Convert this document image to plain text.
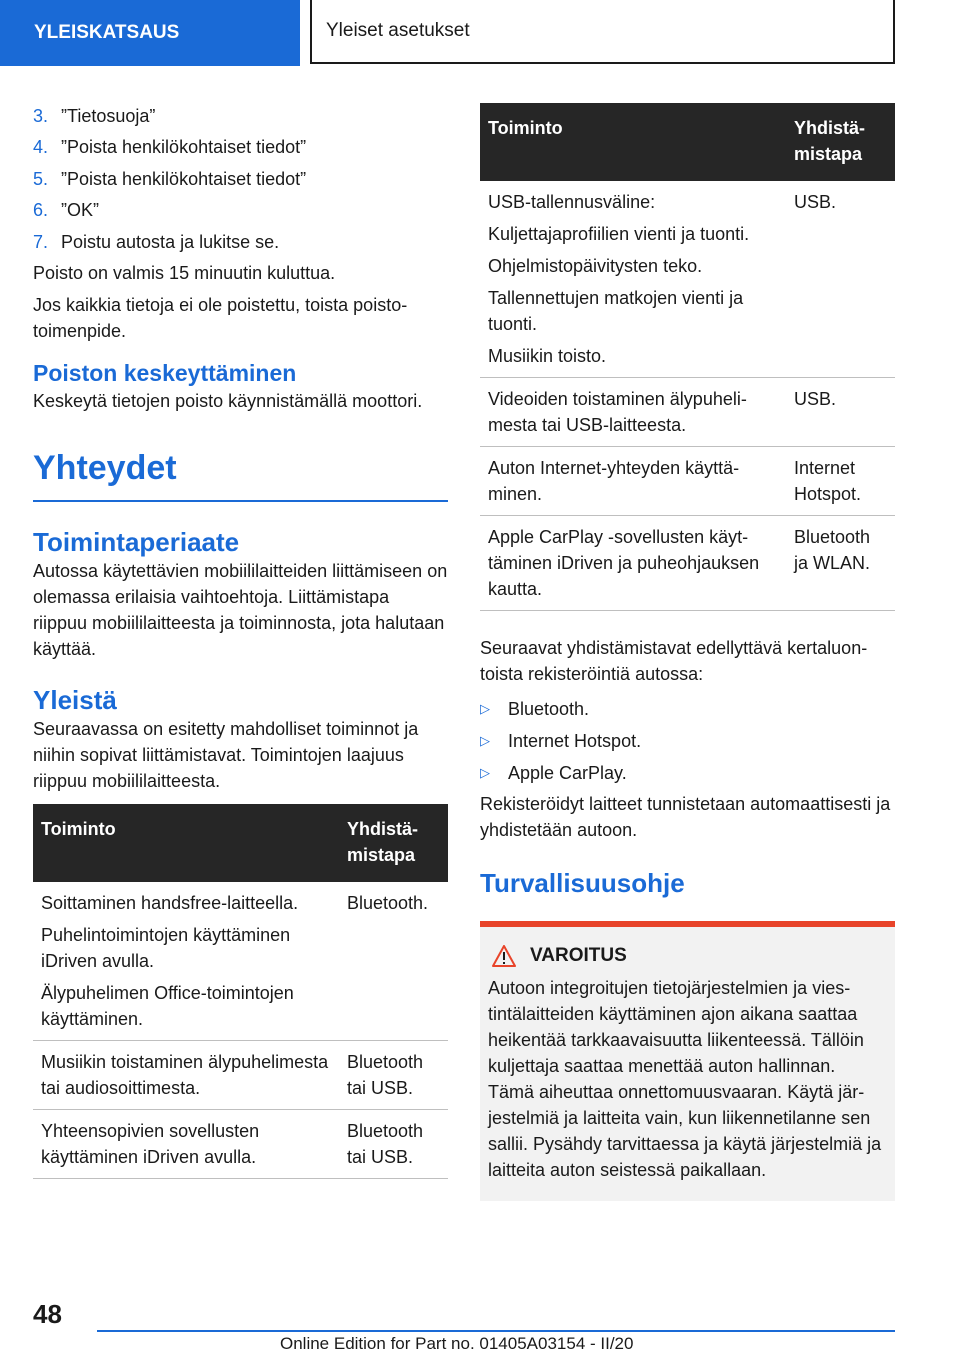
YLEISKATSAUS	Yleiset asetukset
3. ”Tietosuoja”
4. ”Poista henkilökohtaiset tiedot”
5. ”Poista henkilökohtaiset tiedot”
6. ”OK”
7. Poistu autosta ja lukitse se.

Poisto on valmis 15 minuutin kuluttua.

Jos kaikkia tietoja ei ole poistettu, toista poistotoimenpide.

Poiston keskeyttäminen

Keskeytä tietojen poisto käynnistämällä moottori.

Yhteydet
Toimintaperiaate

Autossa käytettävien mobiililaitteiden liittämiseen on olemassa erilaisia vaihtoehtoja. Liittämistapa riippuu mobiililaitteesta ja toiminnosta, jota halutaan käyttää.

Yleistä

Seuraavassa on esitetty mahdolliset toiminnot ja niihin sopivat liittämistavat. Toimintojen laajuus riippuu mobiililaitteesta.

Toiminto	Yhdistämistapa

Soittaminen handsfree-laitteella.
Puhelintoimintojen käyttäminen iDriven avulla.
Älypuhelimen Office-toimintojen käyttäminen.	Bluetooth.

Musiikin toistaminen älypuhelimesta tai audiosoittimesta.	Bluetooth tai USB.

Yhteensopivien sovellusten käyttäminen iDriven avulla.	Bluetooth tai USB.
Toiminto	Yhdistämistapa

USB-tallennusväline:
Kuljettajaprofiilien vienti ja tuonti.
Ohjelmistopäivitysten teko.
Tallennettujen matkojen vienti ja tuonti.
Musiikin toisto.	USB.

Videoiden toistaminen älypuhelimesta tai USB-laitteesta.	USB.

Auton Internet-yhteyden käyttäminen.	Internet Hotspot.

Apple CarPlay -sovellusten käyttäminen iDriven ja puheohjauksen kautta.	Bluetooth ja WLAN.

Seuraavat yhdistämistavat edellyttävä kertaluontoista rekisteröintiä autossa:

▷	Bluetooth.
▷	Internet Hotspot.
▷	Apple CarPlay.

Rekisteröidyt laitteet tunnistetaan automaattisesti ja yhdistetään autoon.

Turvallisuusohje
VAROITUS

Autoon integroitujen tietojärjestelmien ja viestintälaitteiden käyttäminen ajon aikana saattaa heikentää tarkkaavaisuutta liikenteessä. Tällöin kuljettaja saattaa menettää auton hallinnan. Tämä aiheuttaa onnettomuusvaaran. Käytä järjestelmiä ja laitteita vain, kun liikennetilanne sen sallii. Pysähdy tarvittaessa ja käytä järjestelmiä ja laitteita auton seistessä paikallaan.

48
Online Edition for Part no. 01405A03154 - II/20
